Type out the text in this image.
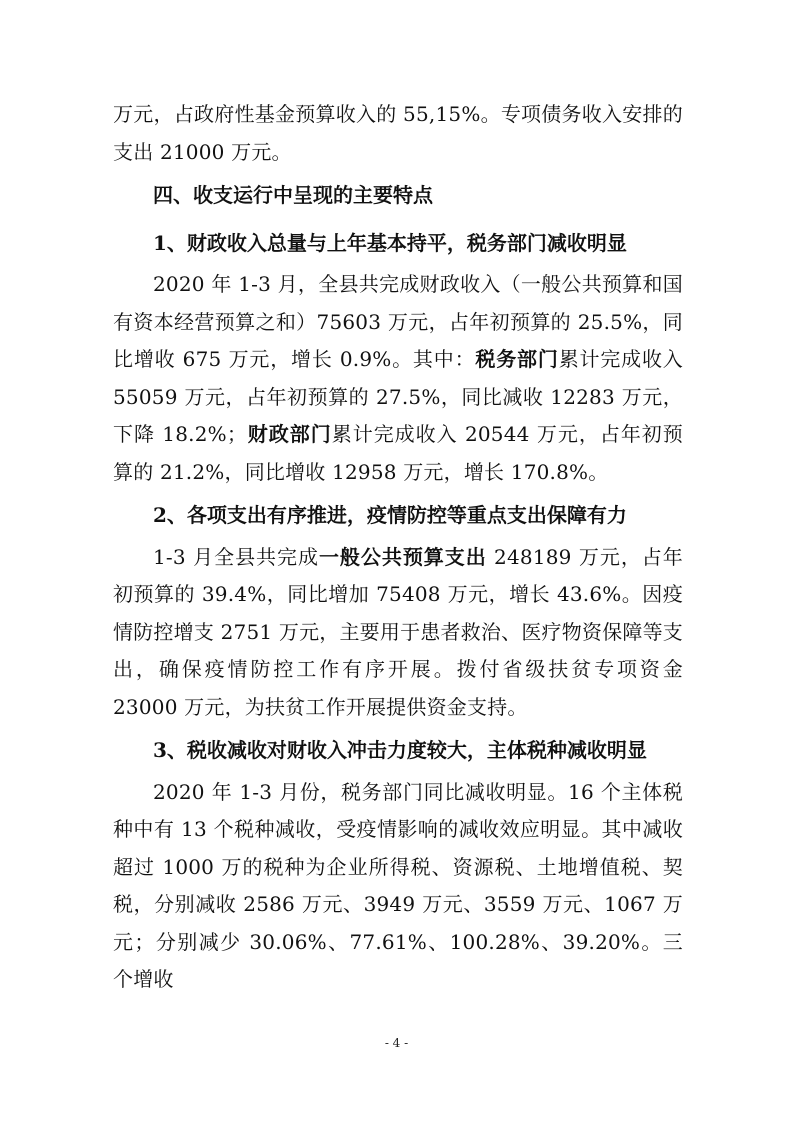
万元，占政府性基金预算收入的 55,15%。专项债务收入安排的支出 21000 万元。

四、收支运行中呈现的主要特点

1、财政收入总量与上年基本持平，税务部门减收明显

2020 年 1-3 月，全县共完成财政收入（一般公共预算和国有资本经营预算之和）75603 万元，占年初预算的 25.5%，同比增收 675 万元，增长 0.9%。其中：税务部门累计完成收入 55059 万元，占年初预算的 27.5%，同比减收 12283 万元，下降 18.2%；财政部门累计完成收入 20544 万元，占年初预算的 21.2%，同比增收 12958 万元，增长 170.8%。

2、各项支出有序推进，疫情防控等重点支出保障有力

1-3 月全县共完成一般公共预算支出 248189 万元，占年初预算的 39.4%，同比增加 75408 万元，增长 43.6%。因疫情防控增支 2751 万元，主要用于患者救治、医疗物资保障等支出，确保疫情防控工作有序开展。拨付省级扶贫专项资金 23000 万元，为扶贫工作开展提供资金支持。

3、税收减收对财收入冲击力度较大，主体税种减收明显

2020 年 1-3 月份，税务部门同比减收明显。16 个主体税种中有 13 个税种减收，受疫情影响的减收效应明显。其中减收超过 1000 万的税种为企业所得税、资源税、土地增值税、契税，分别减收 2586 万元、3949 万元、3559 万元、1067 万元；分别减少 30.06%、77.61%、100.28%、39.20%。三个增收

- 4 -
